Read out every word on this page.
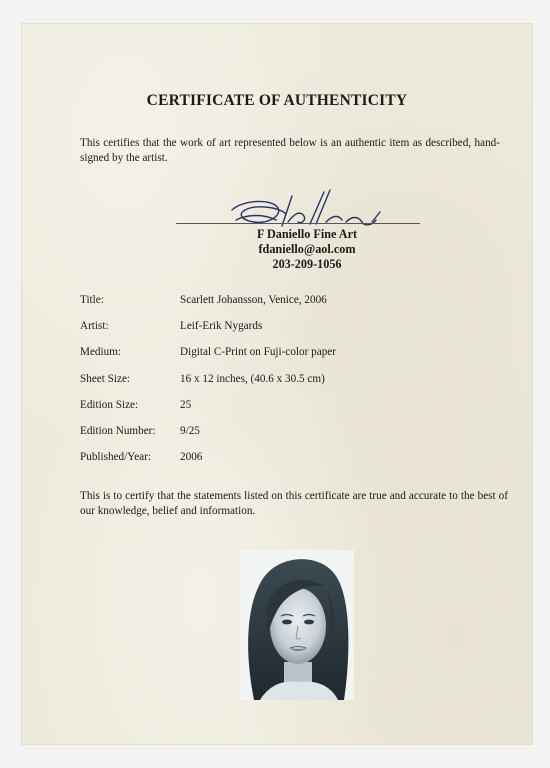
CERTIFICATE OF AUTHENTICITY
This certifies that the work of art represented below is an authentic item as described, hand-signed by the artist.
F Daniello Fine Art
fdaniello@aol.com
203-209-1056
Title:	Scarlett Johansson, Venice, 2006
Artist:	Leif-Erik Nygards
Medium:	Digital C-Print on Fuji-color paper
Sheet Size:	16 x 12 inches, (40.6 x 30.5 cm)
Edition Size:	25
Edition Number: 9/25
Published/Year:	2006
This is to certify that the statements listed on this certificate are true and accurate to the best of our knowledge, belief and information.
